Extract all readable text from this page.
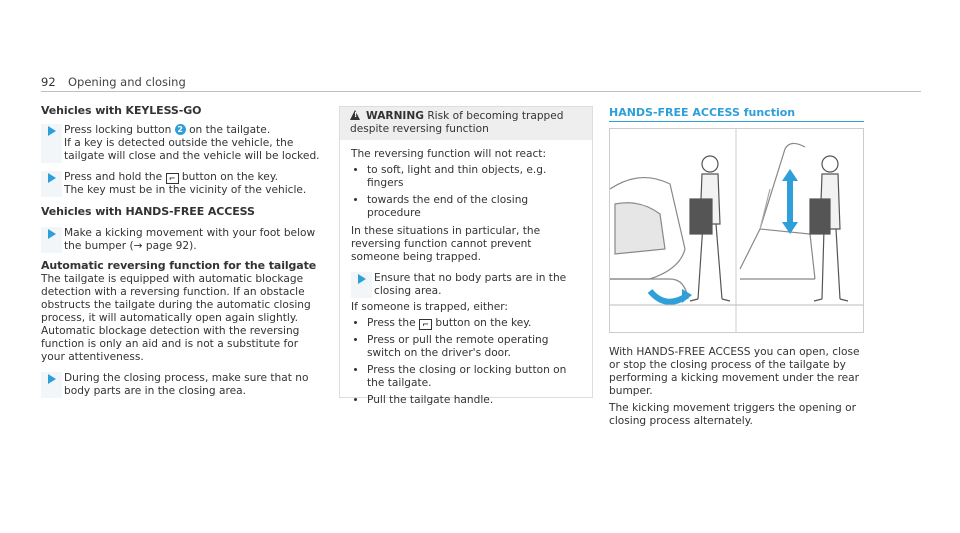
92 Opening and closing
Vehicles with KEYLESS-GO

Press locking button 2 on the tailgate.

If a key is detected outside the vehicle, the tailgate will close and the vehicle will be locked.

Press and hold the ⌐ button on the key.

The key must be in the vicinity of the vehicle.

Vehicles with HANDS-FREE ACCESS

Make a kicking movement with your foot below the bumper (→ page 92).

Automatic reversing function for the tailgate

The tailgate is equipped with automatic blockage detection with a reversing function. If an obstacle obstructs the tailgate during the automatic closing process, it will automatically open again slightly. Automatic blockage detection with the reversing function is only an aid and is not a substitute for your attentiveness.

During the closing process, make sure that no body parts are in the closing area.

! WARNING Risk of becoming trapped despite reversing function

The reversing function will not react:

• to soft, light and thin objects, e.g. fingers
• towards the end of the closing procedure

In these situations in particular, the reversing function cannot prevent someone being trapped.

Ensure that no body parts are in the closing area.

If someone is trapped, either:

• Press the ⌐ button on the key.
• Press or pull the remote operating switch on the driver's door.
• Press the closing or locking button on the tailgate.
• Pull the tailgate handle.
HANDS-FREE ACCESS function

With HANDS-FREE ACCESS you can open, close or stop the closing process of the tailgate by performing a kicking movement under the rear bumper.

The kicking movement triggers the opening or closing process alternately.
